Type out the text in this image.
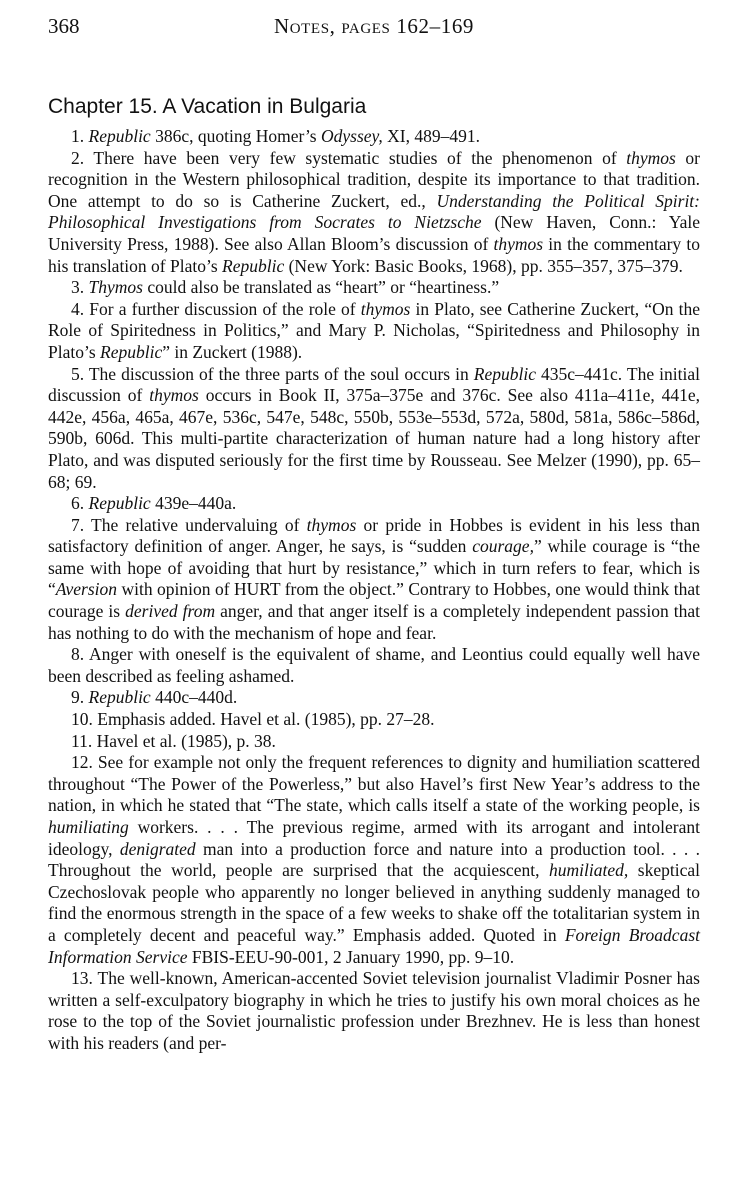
368	Notes, pages 162–169
Chapter 15. A Vacation in Bulgaria

1. Republic 386c, quoting Homer’s Odyssey, XI, 489–491.

2. There have been very few systematic studies of the phenomenon of thymos or recognition in the Western philosophical tradition, despite its importance to that tradition. One attempt to do so is Catherine Zuckert, ed., Understanding the Political Spirit: Philosophical Investigations from Socrates to Nietzsche (New Haven, Conn.: Yale University Press, 1988). See also Allan Bloom’s discussion of thymos in the commentary to his translation of Plato’s Republic (New York: Basic Books, 1968), pp. 355–357, 375–379.

3. Thymos could also be translated as “heart” or “heartiness.”

4. For a further discussion of the role of thymos in Plato, see Catherine Zuckert, “On the Role of Spiritedness in Politics,” and Mary P. Nicholas, “Spiritedness and Philosophy in Plato’s Republic” in Zuckert (1988).

5. The discussion of the three parts of the soul occurs in Republic 435c–441c. The initial discussion of thymos occurs in Book II, 375a–375e and 376c. See also 411a–411e, 441e, 442e, 456a, 465a, 467e, 536c, 547e, 548c, 550b, 553e–553d, 572a, 580d, 581a, 586c–586d, 590b, 606d. This multi-partite characterization of human nature had a long history after Plato, and was disputed seriously for the first time by Rousseau. See Melzer (1990), pp. 65–68; 69.

6. Republic 439e–440a.

7. The relative undervaluing of thymos or pride in Hobbes is evident in his less than satisfactory definition of anger. Anger, he says, is “sudden courage,” while courage is “the same with hope of avoiding that hurt by resistance,” which in turn refers to fear, which is “Aversion with opinion of HURT from the object.” Contrary to Hobbes, one would think that courage is derived from anger, and that anger itself is a completely independent passion that has nothing to do with the mechanism of hope and fear.

8. Anger with oneself is the equivalent of shame, and Leontius could equally well have been described as feeling ashamed.

9. Republic 440c–440d.

10. Emphasis added. Havel et al. (1985), pp. 27–28.

11. Havel et al. (1985), p. 38.

12. See for example not only the frequent references to dignity and humiliation scattered throughout “The Power of the Powerless,” but also Havel’s first New Year’s address to the nation, in which he stated that “The state, which calls itself a state of the working people, is humiliating workers. . . . The previous regime, armed with its arrogant and intolerant ideology, denigrated man into a production force and nature into a production tool. . . . Throughout the world, people are surprised that the acquiescent, humiliated, skeptical Czechoslovak people who apparently no longer believed in anything suddenly managed to find the enormous strength in the space of a few weeks to shake off the totalitarian system in a completely decent and peaceful way.” Emphasis added. Quoted in Foreign Broadcast Information Service FBIS-EEU-90-001, 2 January 1990, pp. 9–10.

13. The well-known, American-accented Soviet television journalist Vladimir Posner has written a self-exculpatory biography in which he tries to justify his own moral choices as he rose to the top of the Soviet journalistic profession under Brezhnev. He is less than honest with his readers (and per-
